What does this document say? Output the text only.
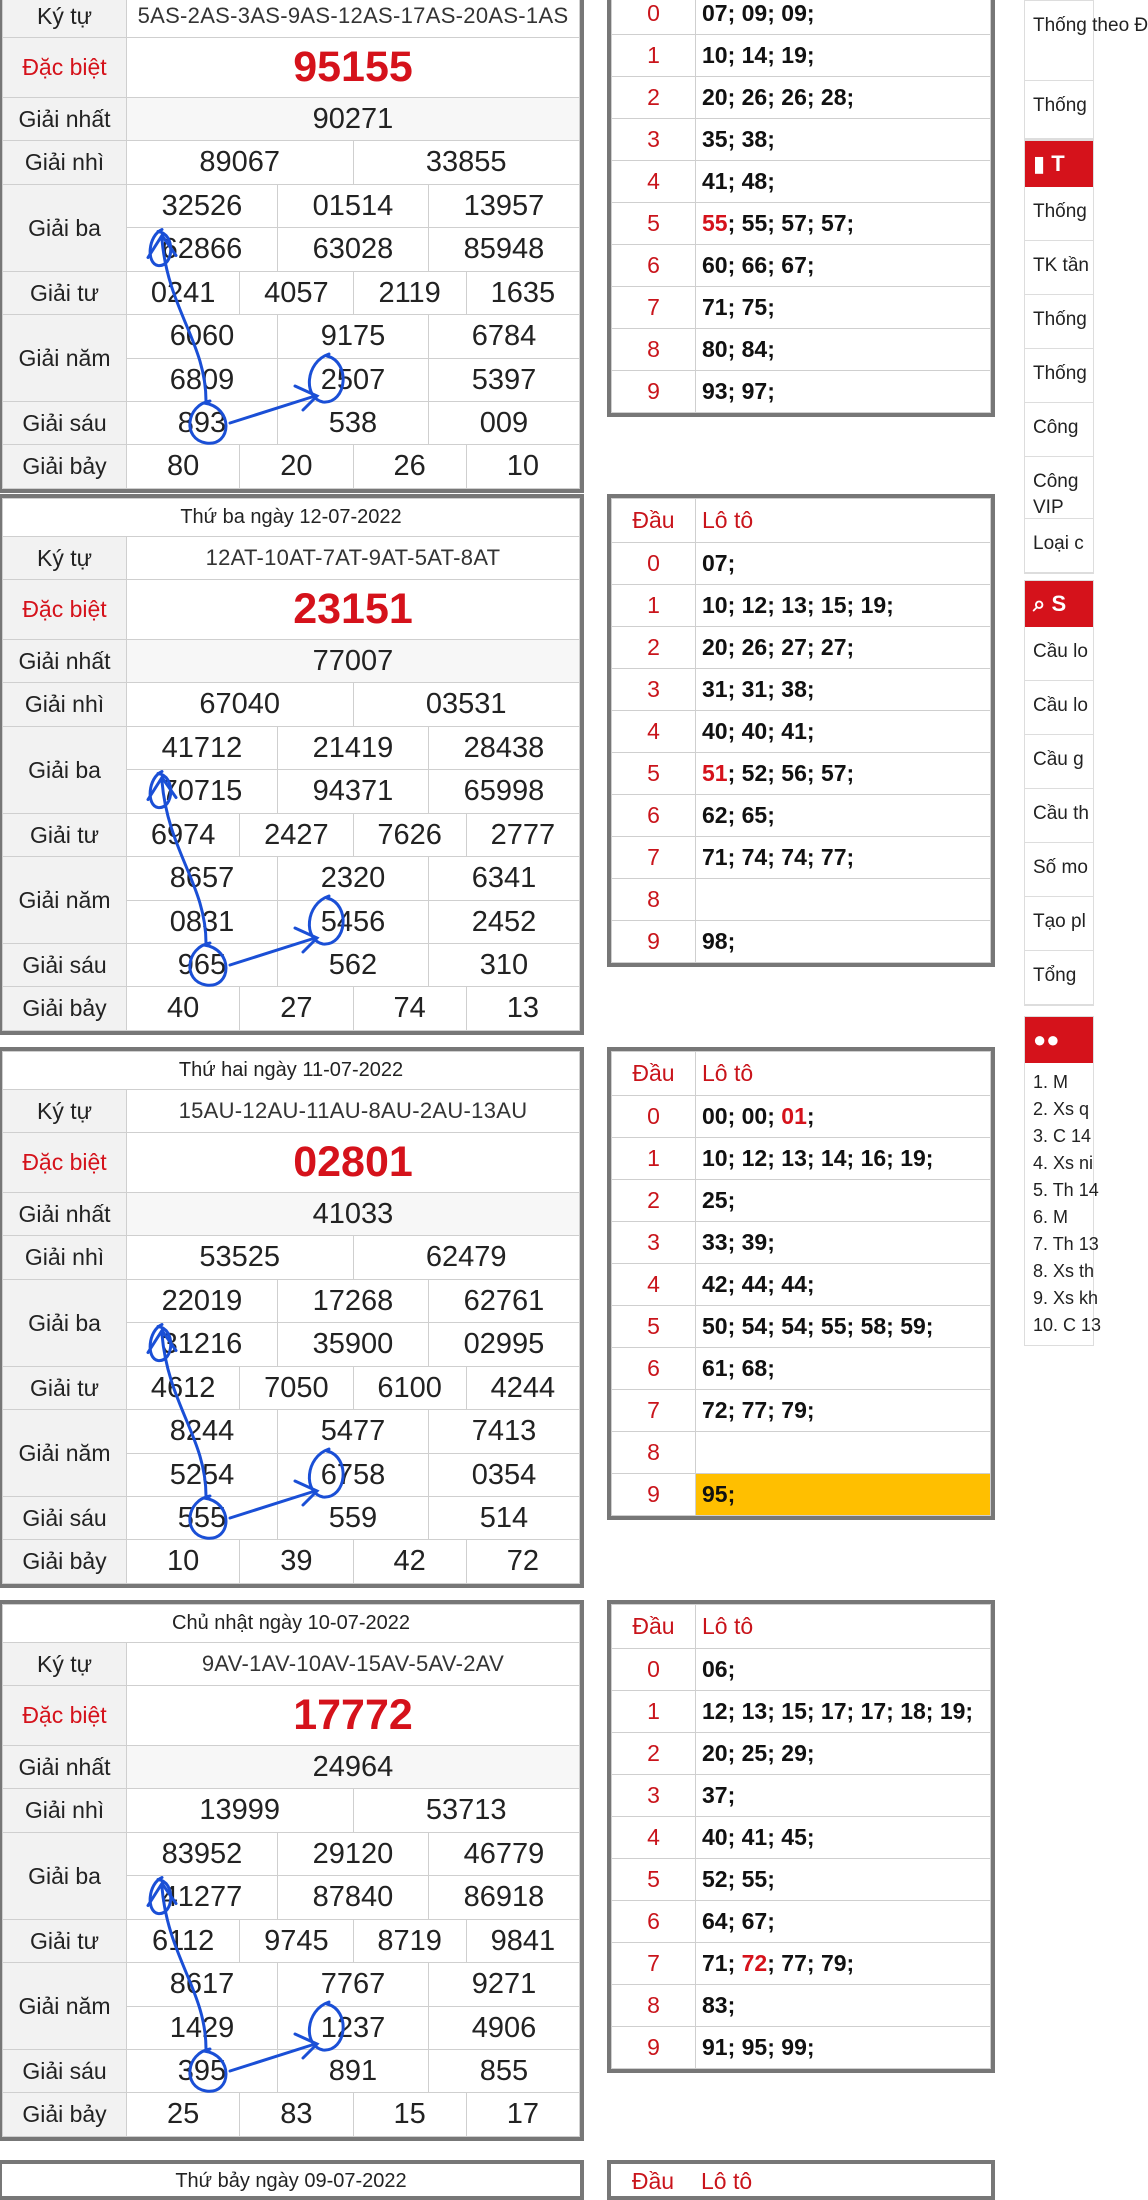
Ký tự	5AS-2AS-3AS-9AS-12AS-17AS-20AS-1AS					
Đặc biệt	95155					
Giải nhất	90271					
Giải nhì	89067			33855		
Giải ba	32526		01514		13957	
	62866		63028		85948	
Giải tư	0241	4057		2119		1635
Giải năm	6060		9175		6784	
	6809		2507		5397	
Giải sáu	893		538		009	
Giải bảy	80	20		26		10
0	07; 09; 09;
1	10; 14; 19;
2	20; 26; 26; 28;
3	35; 38;
4	41; 48;
5	55; 55; 57; 57;
6	60; 66; 67;
7	71; 75;
8	80; 84;
9	93; 97;
Thứ ba ngày 12-07-2022						
Ký tự	12AT-10AT-7AT-9AT-5AT-8AT					
Đặc biệt	23151					
Giải nhất	77007					
Giải nhì	67040			03531		
Giải ba	41712		21419		28438	
	70715		94371		65998	
Giải tư	6974	2427		7626		2777
Giải năm	8657		2320		6341	
	0831		5456		2452	
Giải sáu	965		562		310	
Giải bảy	40	27		74		13
Đầu	Lô tô
0	07;
1	10; 12; 13; 15; 19;
2	20; 26; 27; 27;
3	31; 31; 38;
4	40; 40; 41;
5	51; 52; 56; 57;
6	62; 65;
7	71; 74; 74; 77;
8	
9	98;
Thứ hai ngày 11-07-2022						
Ký tự	15AU-12AU-11AU-8AU-2AU-13AU					
Đặc biệt	02801					
Giải nhất	41033					
Giải nhì	53525			62479		
Giải ba	22019		17268		62761	
	31216		35900		02995	
Giải tư	4612	7050		6100		4244
Giải năm	8244		5477		7413	
	5254		6758		0354	
Giải sáu	555		559		514	
Giải bảy	10	39		42		72
Đầu	Lô tô
0	00; 00; 01;
1	10; 12; 13; 14; 16; 19;
2	25;
3	33; 39;
4	42; 44; 44;
5	50; 54; 54; 55; 58; 59;
6	61; 68;
7	72; 77; 79;
8	
9	95;
Chủ nhật ngày 10-07-2022						
Ký tự	9AV-1AV-10AV-15AV-5AV-2AV					
Đặc biệt	17772					
Giải nhất	24964					
Giải nhì	13999			53713		
Giải ba	83952		29120		46779	
	41277		87840		86918	
Giải tư	6112	9745		8719		9841
Giải năm	8617		7767		9271	
	1429		1237		4906	
Giải sáu	395		891		855	
Giải bảy	25	83		15		17
Đầu	Lô tô
0	06;
1	12; 13; 15; 17; 17; 18; 19;
2	20; 25; 29;
3	37;
4	40; 41; 45;
5	52; 55;
6	64; 67;
7	71; 72; 77; 79;
8	83;
9	91; 95; 99;
Thứ bảy ngày 09-07-2022	Đầu	Lô tô
Thống theo Đ
Thống
▮ T
Thống
TK tần
Thống
Thống
Công
Công VIP
Loại c
⌕ S
Cầu lo
Cầu lo
Cầu g
Cầu th
Số mo
Tạo pl
Tổng
●●
1. M
2. Xs q
3. C 14
4. Xs ni
5. Th 14
6. M
7. Th 13
8. Xs th
9. Xs kh
10. C 13
